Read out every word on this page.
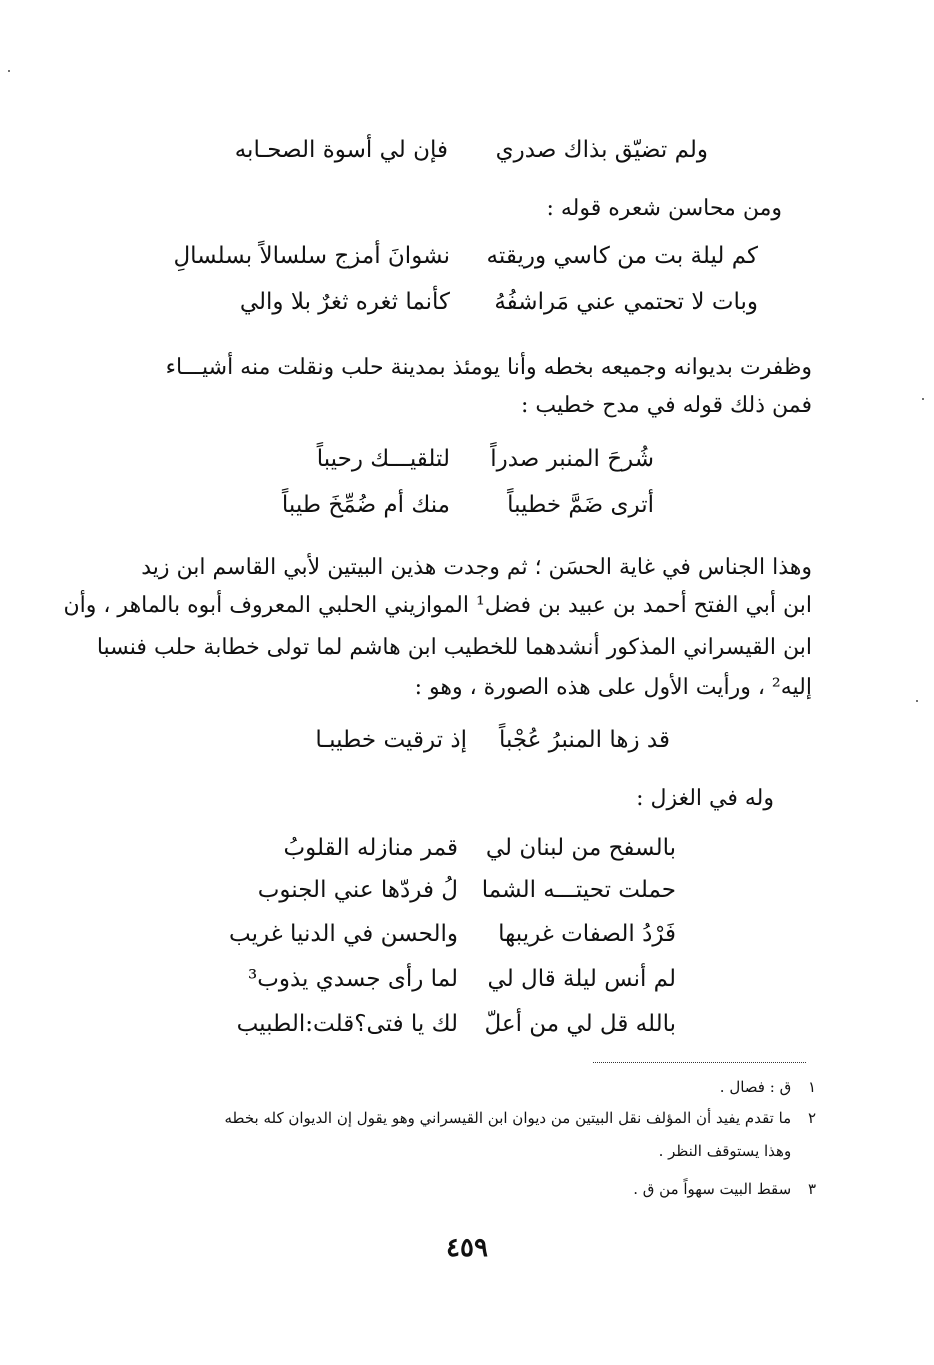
ولم تضيّق بذاك صدري
فإن لي أسوة الصحـابه
ومن محاسن شعره قوله :
كم ليلة بت من كاسي وريقته
نشوانَ أمزج سلسالاً بسلسالِ
وبات لا تحتمي عني مَراشفُهُ
كأنما ثغره ثغرٌ بلا والي
وظفرت بديوانه وجميعه بخطه وأنا يومئذ بمدينة حلب ونقلت منه أشيـــاء
فمن ذلك قوله في مدح خطيب :
شُرحَ المنبر صدراً
لتلقيـــك رحيباً
أترى ضَمَّ خطيباً
منك أم ضُمِّخَ طيباً
وهذا الجناس في غاية الحسَن ؛ ثم وجدت هذين البيتين لأبي القاسم ابن زيد
ابن أبي الفتح أحمد بن عبيد بن فضل¹ الموازيني الحلبي المعروف أبوه بالماهر ، وأن
ابن القيسراني المذكور أنشدهما للخطيب ابن هاشم لما تولى خطابة حلب فنسبا
إليه² ، ورأيت الأول على هذه الصورة ، وهو :
قد زها المنبرُ عُجْباً
إذ ترقيت خطيبـا
وله في الغزل :
بالسفح من لبنان لي
قمر منازله القلوبُ
حملت تحيتـــه الشما
لُ فردّها عني الجنوب
فَرْدُ الصفات غريبها
والحسن في الدنيا غريب
لم أنس ليلة قال لي
لما رأى جسدي يذوب³
بالله قل لي من أعلّ
لك يا فتى؟قلت:الطبيب
١ ق : فصال .
٢ ما تقدم يفيد أن المؤلف نقل البيتين من ديوان ابن القيسراني وهو يقول إن الديوان كله بخطه
وهذا يستوقف النظر .
٣ سقط البيت سهواً من ق .
٤٥٩
